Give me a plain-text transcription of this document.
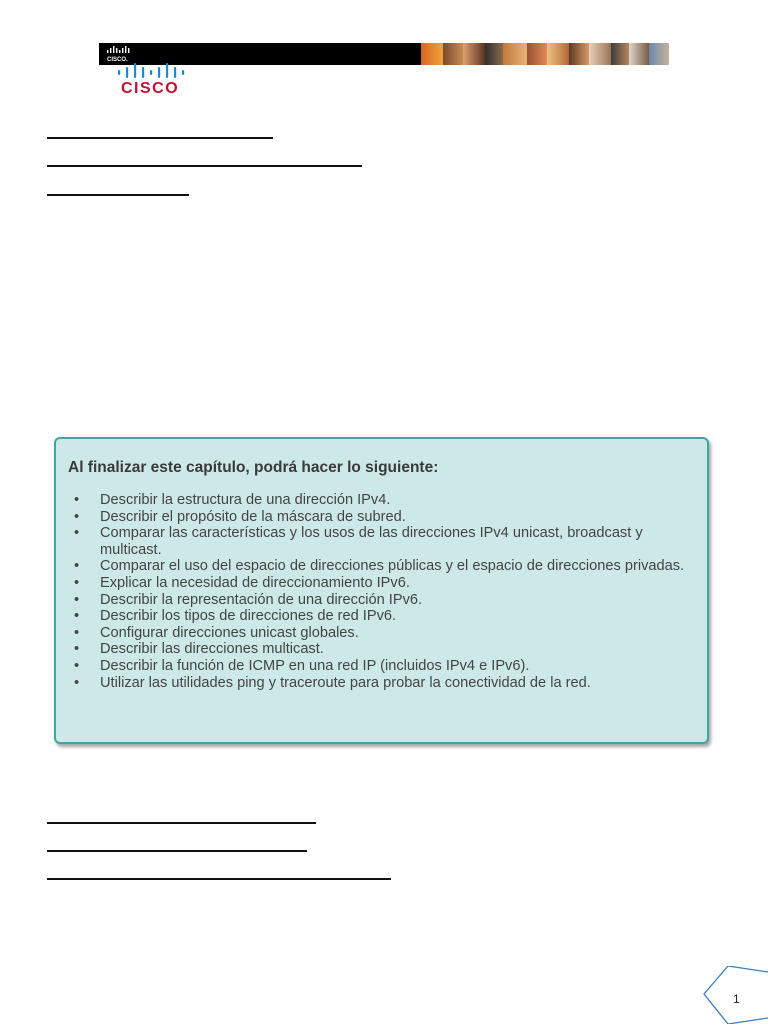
CISCO.
CISCO
Al finalizar este capítulo, podrá hacer lo siguiente:
• Describir la estructura de una dirección IPv4.
• Describir el propósito de la máscara de subred.
• Comparar las características y los usos de las direcciones IPv4 unicast, broadcast y multicast.
• Comparar el uso del espacio de direcciones públicas y el espacio de direcciones privadas.
• Explicar la necesidad de direccionamiento IPv6.
• Describir la representación de una dirección IPv6.
• Describir los tipos de direcciones de red IPv6.
• Configurar direcciones unicast globales.
• Describir las direcciones multicast.
• Describir la función de ICMP en una red IP (incluidos IPv4 e IPv6).
• Utilizar las utilidades ping y traceroute para probar la conectividad de la red.
1
